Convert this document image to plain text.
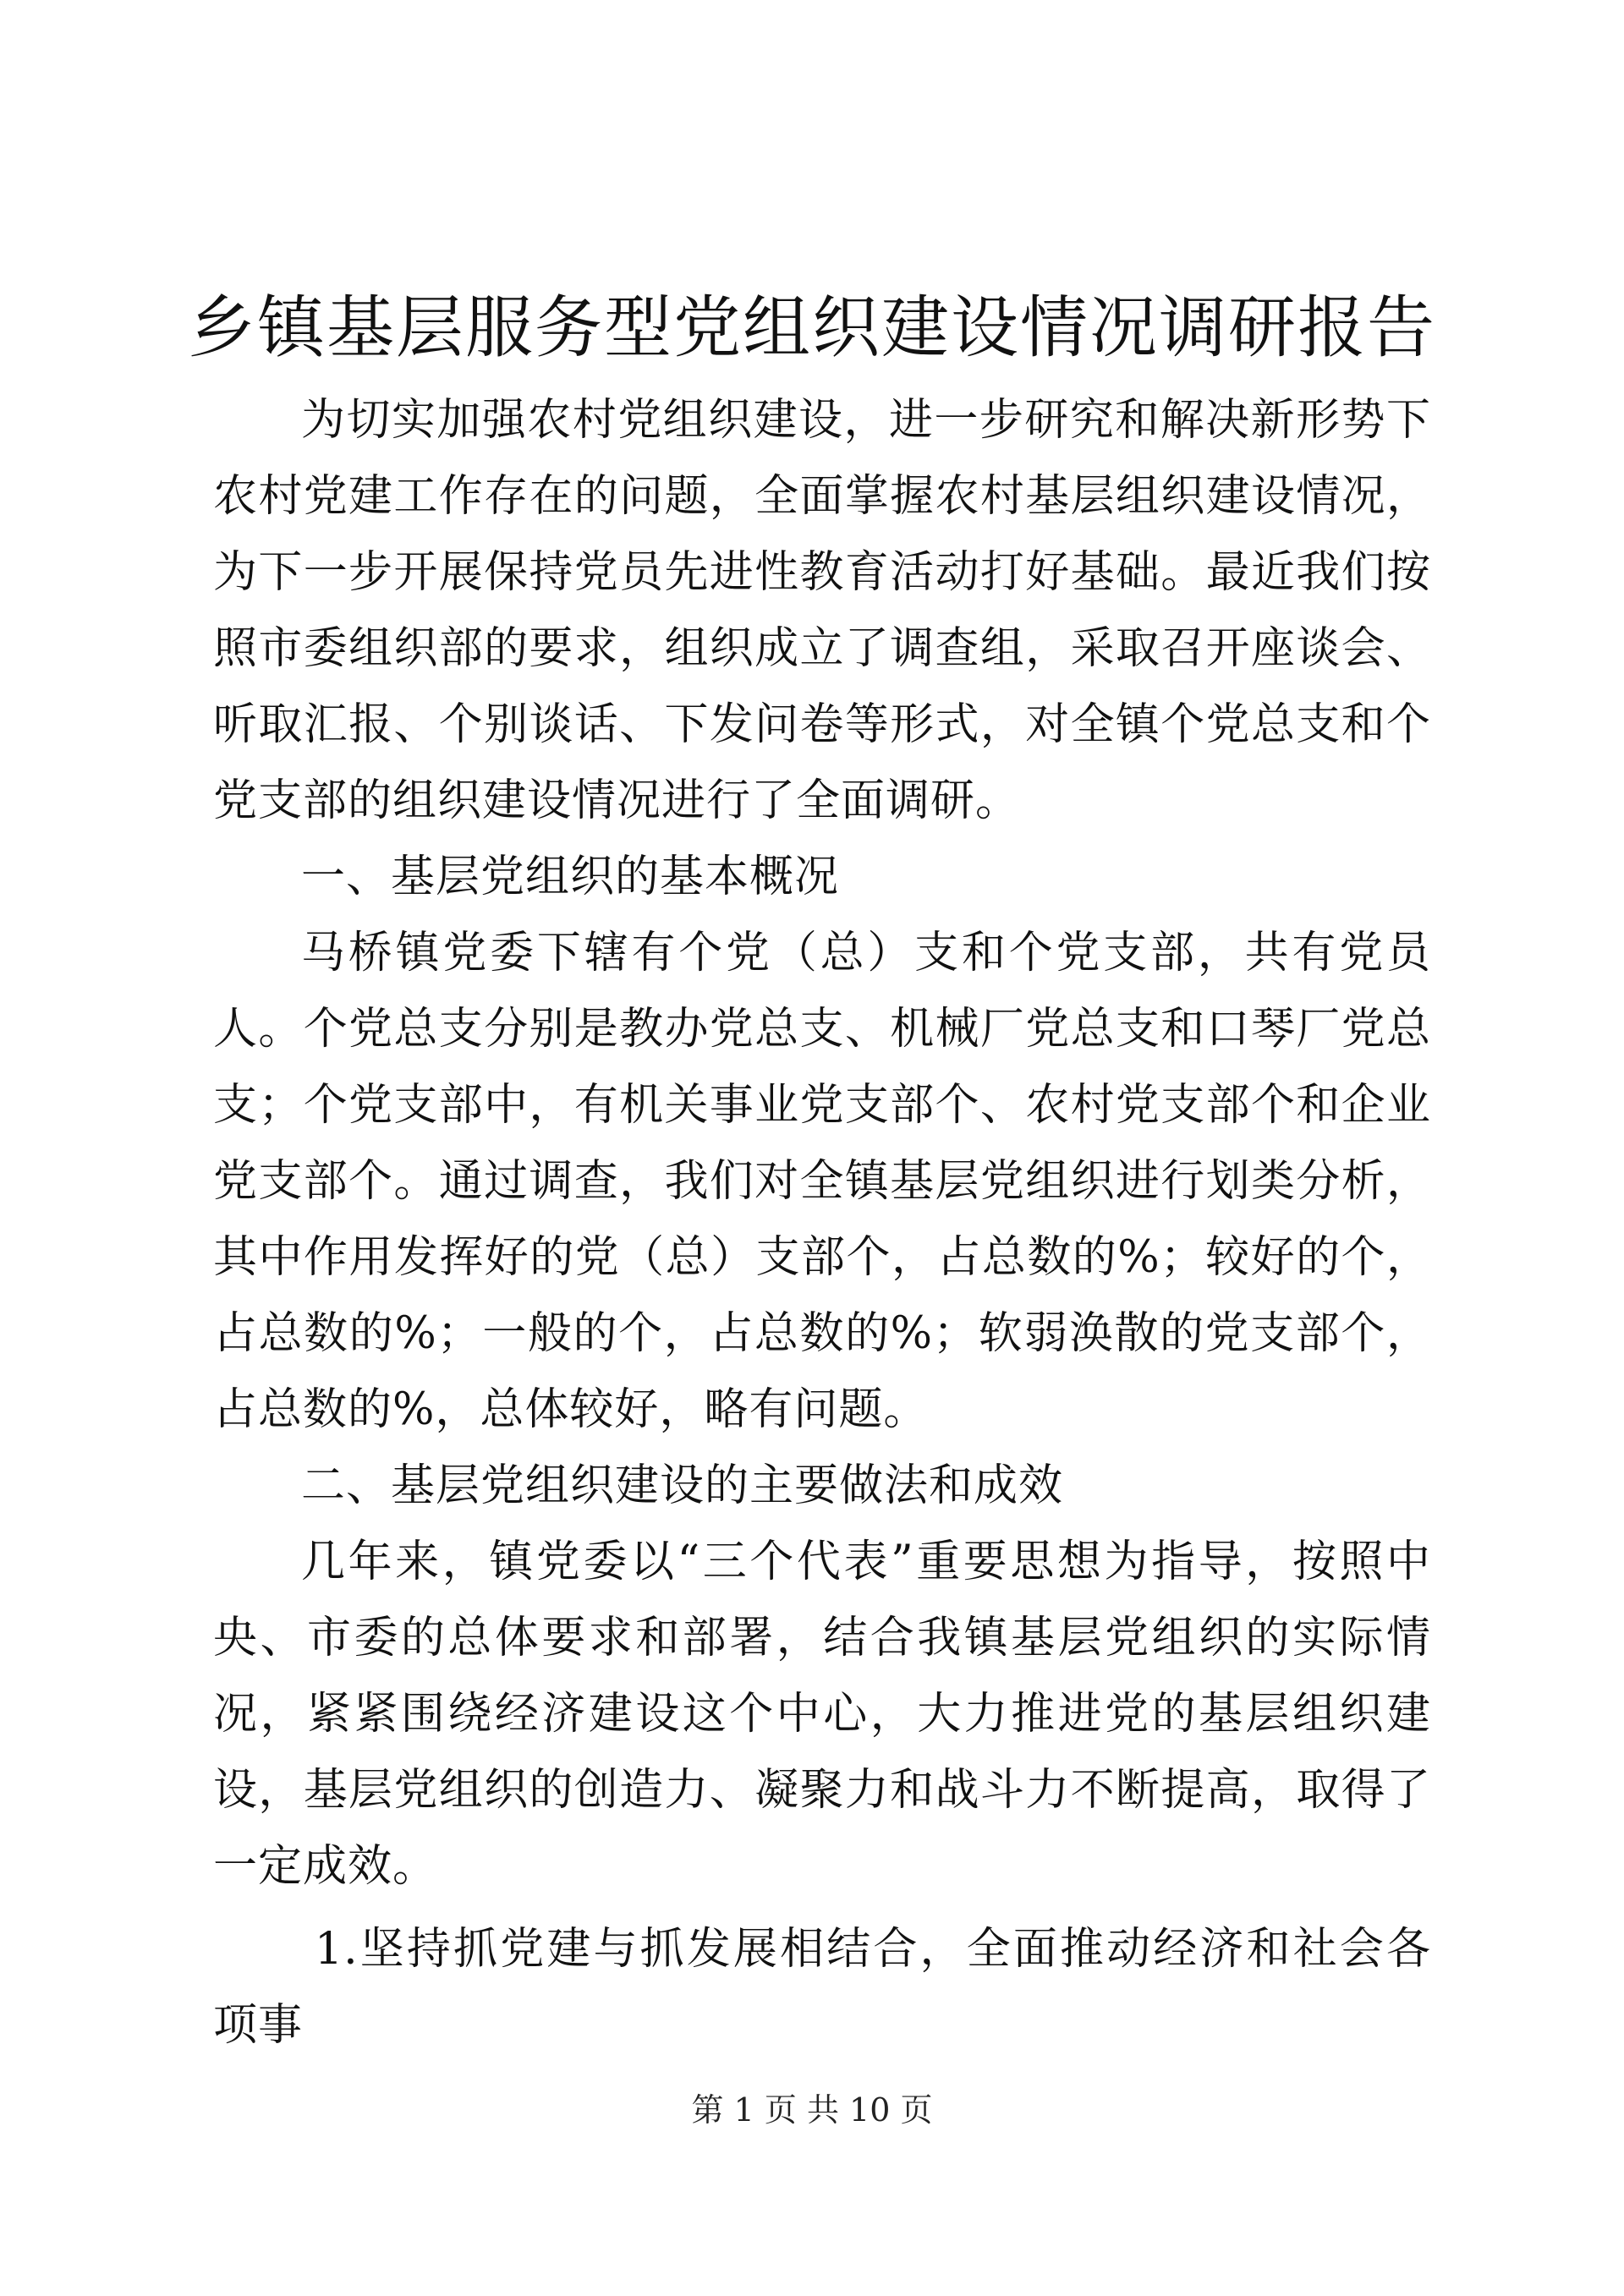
乡镇基层服务型党组织建设情况调研报告

为切实加强农村党组织建设，进一步研究和解决新形势下农村党建工作存在的问题，全面掌握农村基层组织建设情况，为下一步开展保持党员先进性教育活动打好基础。最近我们按照市委组织部的要求，组织成立了调查组，采取召开座谈会、听取汇报、个别谈话、下发问卷等形式，对全镇个党总支和个党支部的组织建设情况进行了全面调研。

一、基层党组织的基本概况

马桥镇党委下辖有个党（总）支和个党支部，共有党员人。个党总支分别是教办党总支、机械厂党总支和口琴厂党总支；个党支部中，有机关事业党支部个、农村党支部个和企业党支部个。通过调查，我们对全镇基层党组织进行划类分析，其中作用发挥好的党（总）支部个，占总数的%；较好的个，占总数的%；一般的个，占总数的%；软弱涣散的党支部个，占总数的%，总体较好，略有问题。

二、基层党组织建设的主要做法和成效

几年来，镇党委以“三个代表”重要思想为指导，按照中央、市委的总体要求和部署，结合我镇基层党组织的实际情况，紧紧围绕经济建设这个中心，大力推进党的基层组织建设，基层党组织的创造力、凝聚力和战斗力不断提高，取得了一定成效。

1.坚持抓党建与抓发展相结合，全面推动经济和社会各项事

第 1 页 共 10 页
